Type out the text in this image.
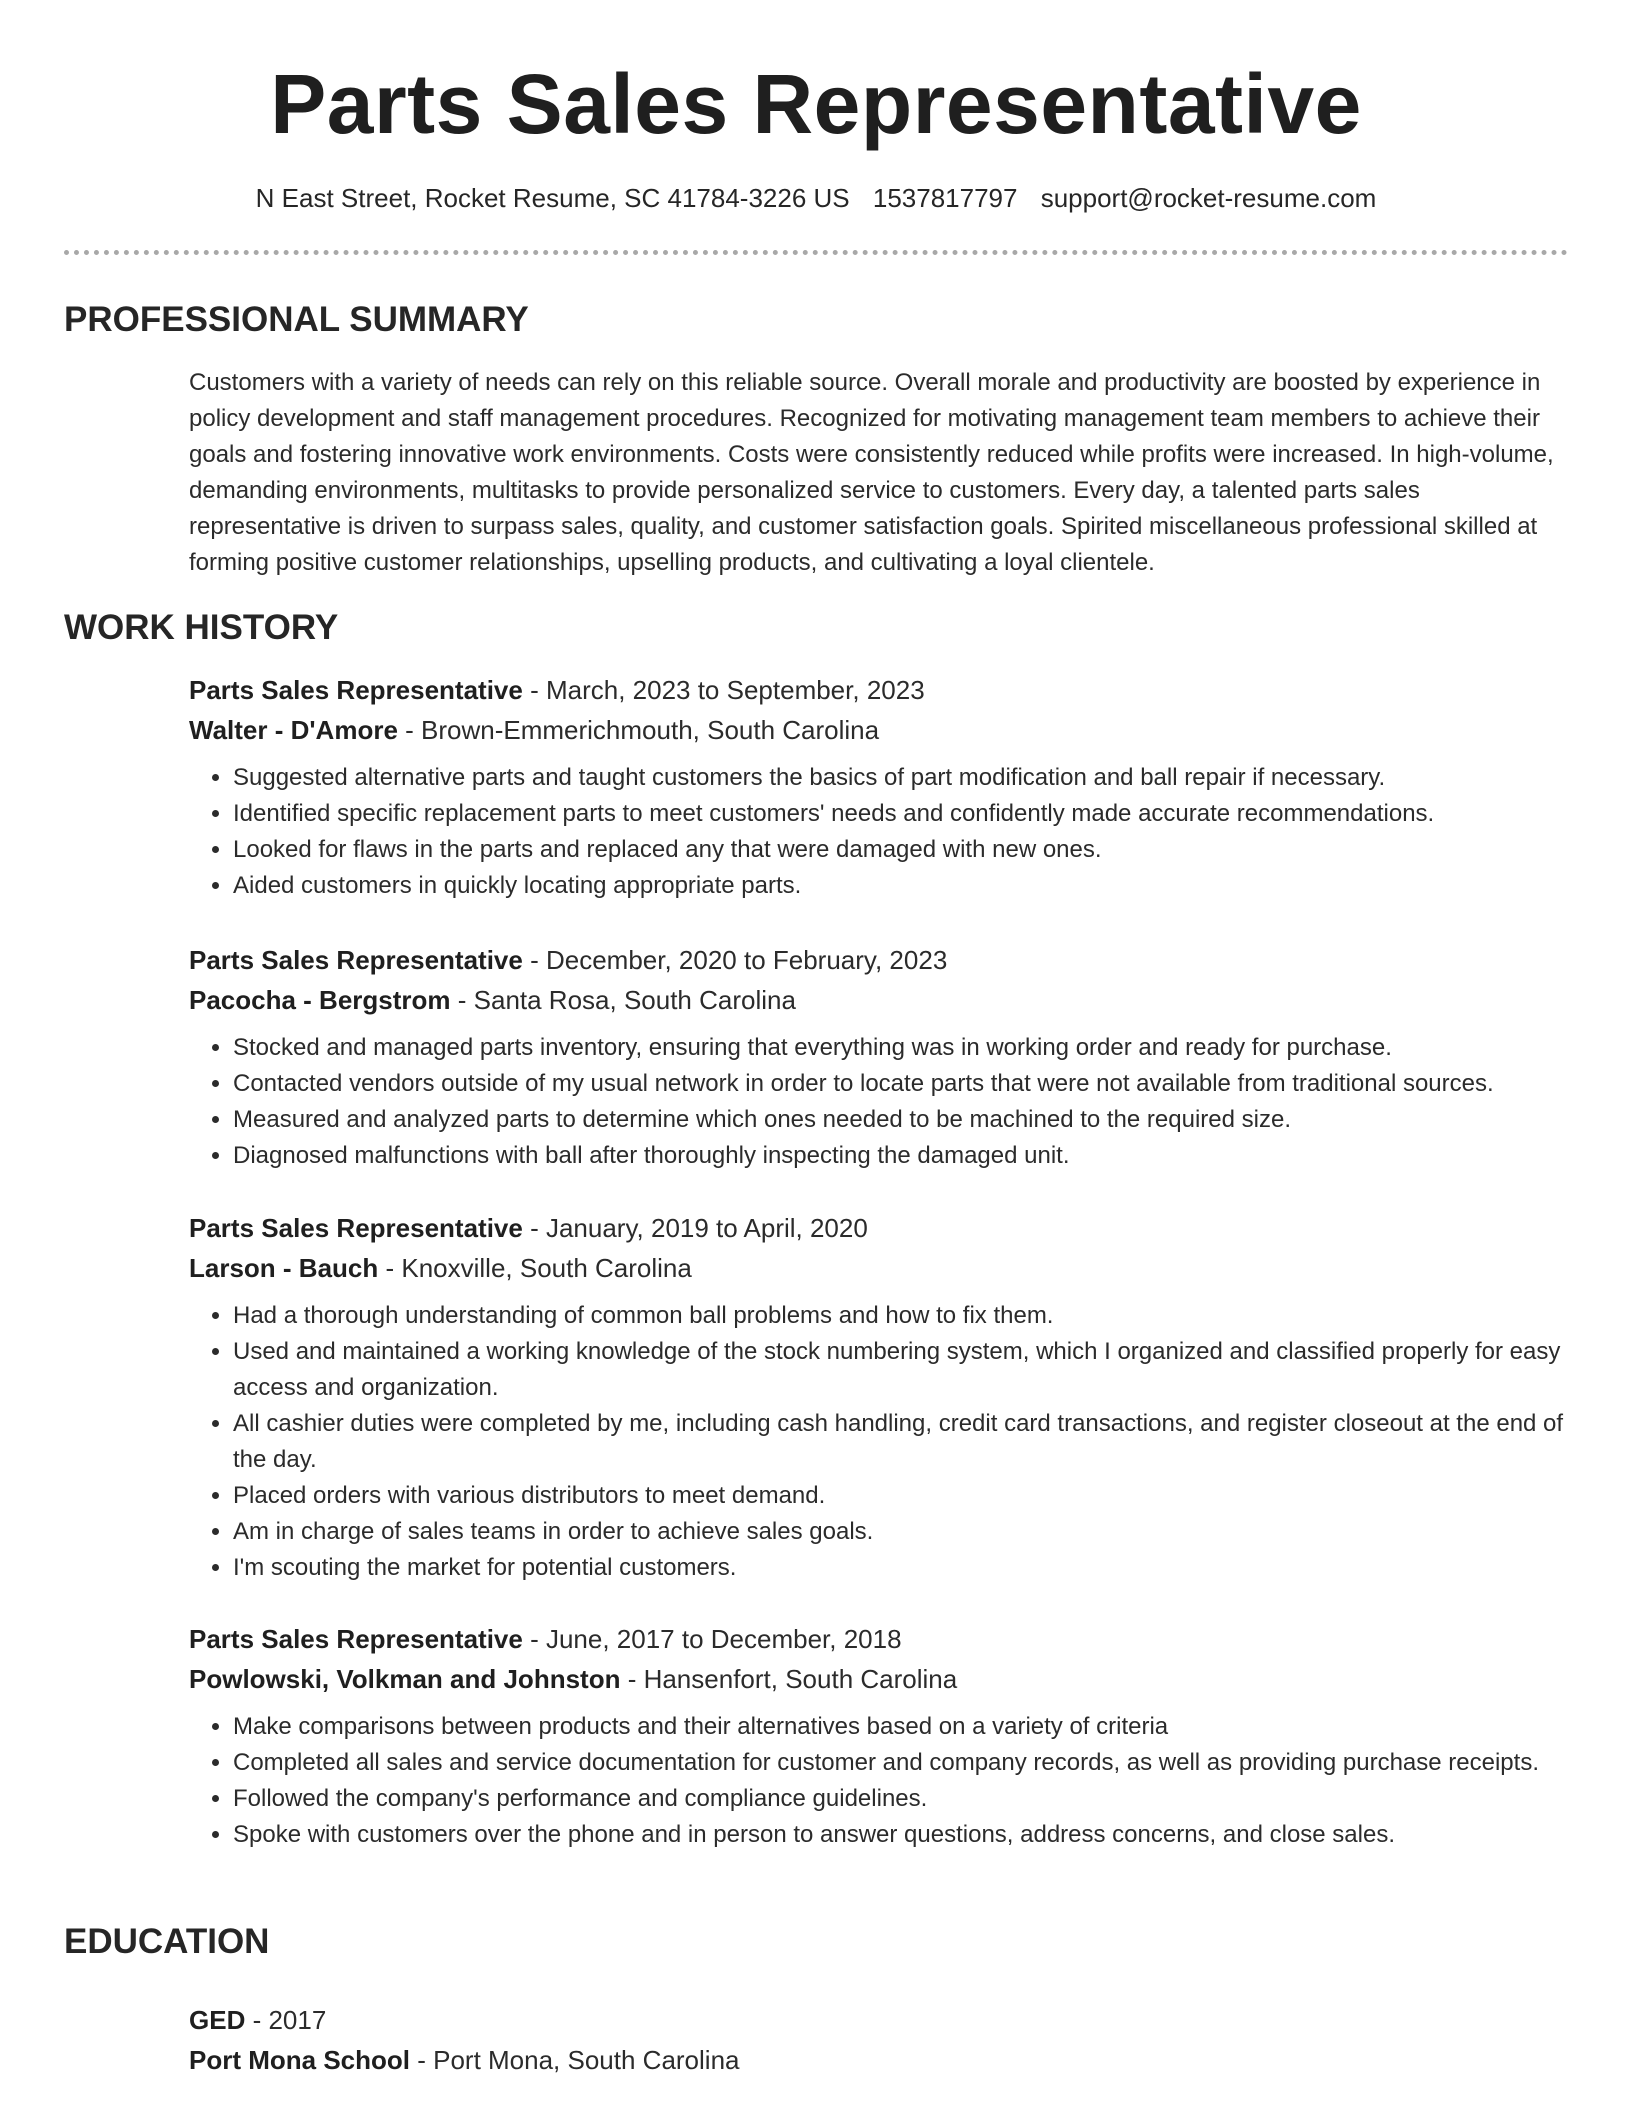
Parts Sales Representative
N East Street, Rocket Resume, SC 41784-3226 US 1537817797 support@rocket-resume.com
PROFESSIONAL SUMMARY

Customers with a variety of needs can rely on this reliable source. Overall morale and productivity are boosted by experience in policy development and staff management procedures. Recognized for motivating management team members to achieve their goals and fostering innovative work environments. Costs were consistently reduced while profits were increased. In high-volume, demanding environments, multitasks to provide personalized service to customers. Every day, a talented parts sales representative is driven to surpass sales, quality, and customer satisfaction goals. Spirited miscellaneous professional skilled at forming positive customer relationships, upselling products, and cultivating a loyal clientele.

WORK HISTORY

Parts Sales Representative - March, 2023 to September, 2023

Walter - D'Amore - Brown-Emmerichmouth, South Carolina

• Suggested alternative parts and taught customers the basics of part modification and ball repair if necessary.
• Identified specific replacement parts to meet customers' needs and confidently made accurate recommendations.
• Looked for flaws in the parts and replaced any that were damaged with new ones.
• Aided customers in quickly locating appropriate parts.

Parts Sales Representative - December, 2020 to February, 2023

Pacocha - Bergstrom - Santa Rosa, South Carolina

• Stocked and managed parts inventory, ensuring that everything was in working order and ready for purchase.
• Contacted vendors outside of my usual network in order to locate parts that were not available from traditional sources.
• Measured and analyzed parts to determine which ones needed to be machined to the required size.
• Diagnosed malfunctions with ball after thoroughly inspecting the damaged unit.

Parts Sales Representative - January, 2019 to April, 2020

Larson - Bauch - Knoxville, South Carolina

• Had a thorough understanding of common ball problems and how to fix them.
• Used and maintained a working knowledge of the stock numbering system, which I organized and classified properly for easy access and organization.
• All cashier duties were completed by me, including cash handling, credit card transactions, and register closeout at the end of the day.
• Placed orders with various distributors to meet demand.
• Am in charge of sales teams in order to achieve sales goals.
• I'm scouting the market for potential customers.

Parts Sales Representative - June, 2017 to December, 2018

Powlowski, Volkman and Johnston - Hansenfort, South Carolina

• Make comparisons between products and their alternatives based on a variety of criteria
• Completed all sales and service documentation for customer and company records, as well as providing purchase receipts.
• Followed the company's performance and compliance guidelines.
• Spoke with customers over the phone and in person to answer questions, address concerns, and close sales.
EDUCATION

GED - 2017

Port Mona School - Port Mona, South Carolina
